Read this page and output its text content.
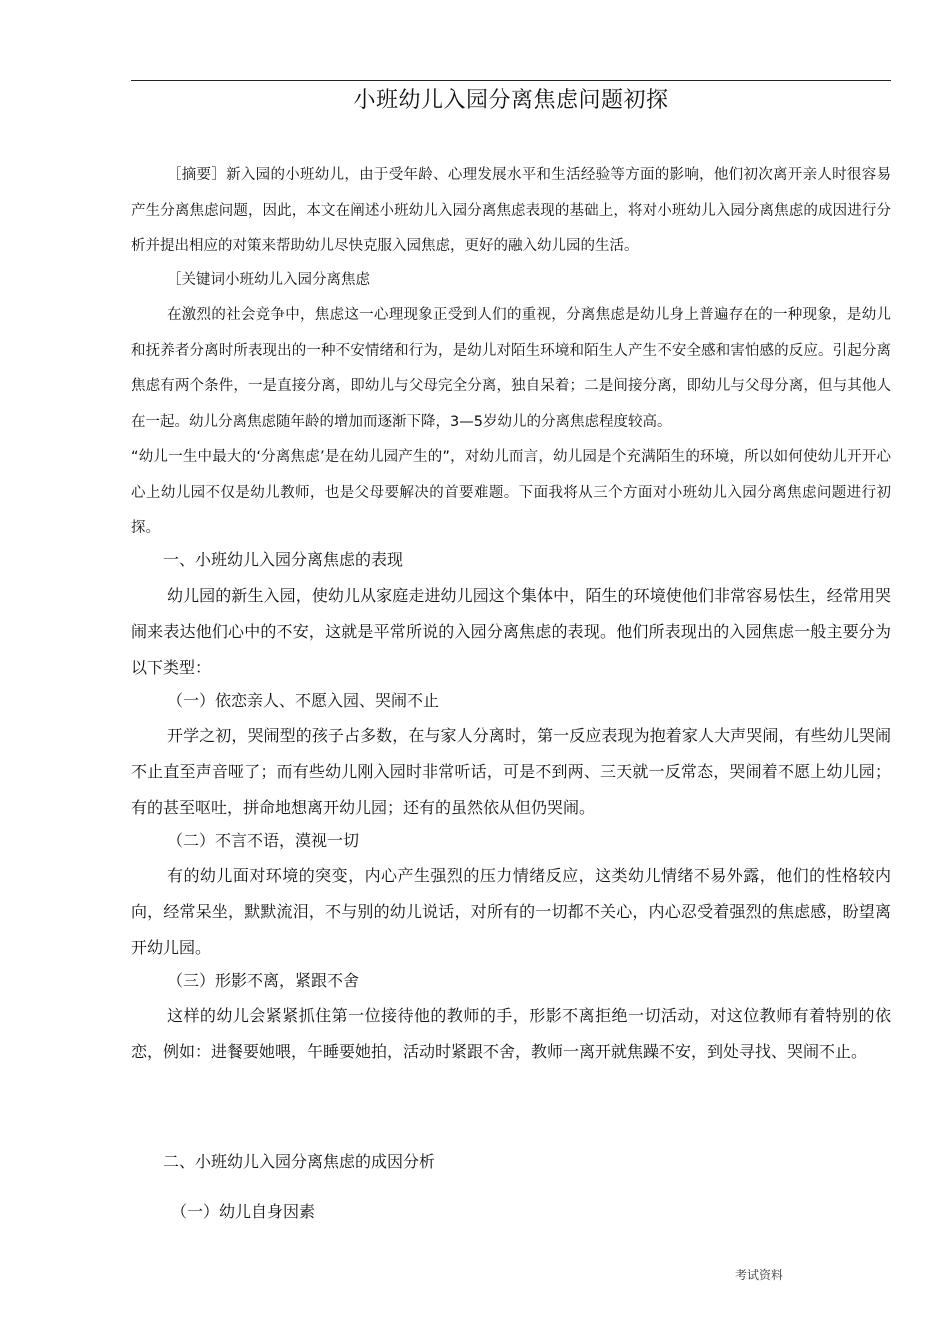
小班幼儿入园分离焦虑问题初探

［摘要］新入园的小班幼儿，由于受年龄、心理发展水平和生活经验等方面的影响，他们初次离开亲人时很容易产生分离焦虑问题，因此，本文在阐述小班幼儿入园分离焦虑表现的基础上，将对小班幼儿入园分离焦虑的成因进行分析并提出相应的对策来帮助幼儿尽快克服入园焦虑，更好的融入幼儿园的生活。

［关键词小班幼儿入园分离焦虑

在激烈的社会竞争中，焦虑这一心理现象正受到人们的重视，分离焦虑是幼儿身上普遍存在的一种现象，是幼儿和抚养者分离时所表现出的一种不安情绪和行为，是幼儿对陌生环境和陌生人产生不安全感和害怕感的反应。引起分离焦虑有两个条件，一是直接分离，即幼儿与父母完全分离，独自呆着；二是间接分离，即幼儿与父母分离，但与其他人在一起。幼儿分离焦虑随年龄的增加而逐渐下降，3—5岁幼儿的分离焦虑程度较高。

“幼儿一生中最大的‘分离焦虑’是在幼儿园产生的”，对幼儿而言，幼儿园是个充满陌生的环境，所以如何使幼儿开开心心上幼儿园不仅是幼儿教师，也是父母要解决的首要难题。下面我将从三个方面对小班幼儿入园分离焦虑问题进行初探。

一、小班幼儿入园分离焦虑的表现

幼儿园的新生入园，使幼儿从家庭走进幼儿园这个集体中，陌生的环境使他们非常容易怯生，经常用哭闹来表达他们心中的不安，这就是平常所说的入园分离焦虑的表现。他们所表现出的入园焦虑一般主要分为以下类型：

（一）依恋亲人、不愿入园、哭闹不止

开学之初，哭闹型的孩子占多数，在与家人分离时，第一反应表现为抱着家人大声哭闹，有些幼儿哭闹不止直至声音哑了；而有些幼儿刚入园时非常听话，可是不到两、三天就一反常态，哭闹着不愿上幼儿园；有的甚至呕吐，拼命地想离开幼儿园；还有的虽然依从但仍哭闹。

（二）不言不语，漠视一切

有的幼儿面对环境的突变，内心产生强烈的压力情绪反应，这类幼儿情绪不易外露，他们的性格较内向，经常呆坐，默默流泪，不与别的幼儿说话，对所有的一切都不关心，内心忍受着强烈的焦虑感，盼望离开幼儿园。

（三）形影不离，紧跟不舍

这样的幼儿会紧紧抓住第一位接待他的教师的手，形影不离拒绝一切活动，对这位教师有着特别的依恋，例如：进餐要她喂，午睡要她拍，活动时紧跟不舍，教师一离开就焦躁不安，到处寻找、哭闹不止。

二、小班幼儿入园分离焦虑的成因分析
（一）幼儿自身因素
考试资料
